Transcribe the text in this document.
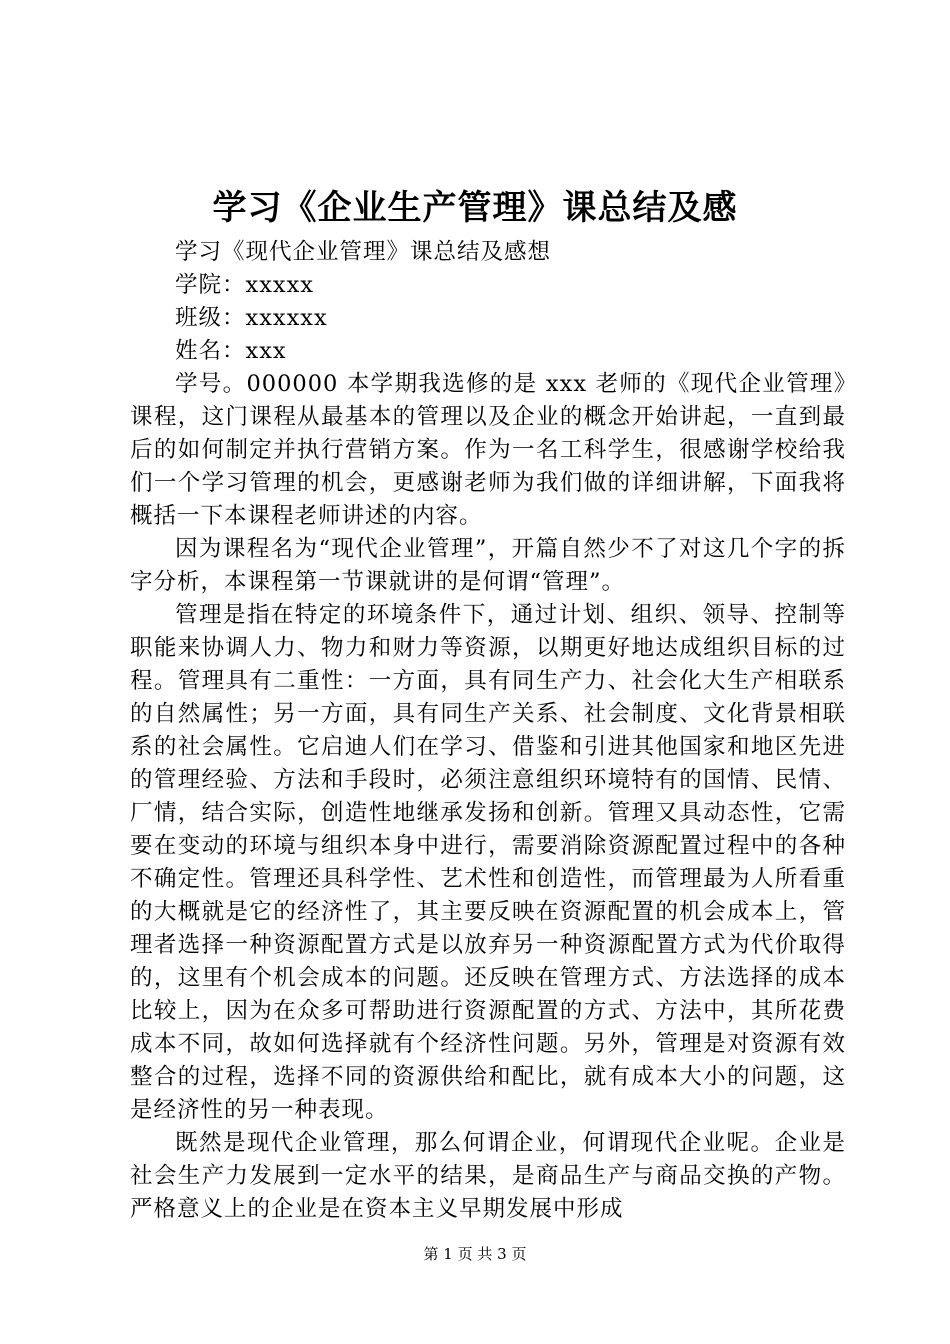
学习《企业生产管理》课总结及感

学习《现代企业管理》课总结及感想

学院：xxxxx

班级：xxxxxx

姓名：xxx

学号。000000 本学期我选修的是 xxx 老师的《现代企业管理》课程，这门课程从最基本的管理以及企业的概念开始讲起，一直到最后的如何制定并执行营销方案。作为一名工科学生，很感谢学校给我们一个学习管理的机会，更感谢老师为我们做的详细讲解，下面我将概括一下本课程老师讲述的内容。

因为课程名为“现代企业管理”，开篇自然少不了对这几个字的拆字分析，本课程第一节课就讲的是何谓“管理”。

管理是指在特定的环境条件下，通过计划、组织、领导、控制等职能来协调人力、物力和财力等资源，以期更好地达成组织目标的过程。管理具有二重性：一方面，具有同生产力、社会化大生产相联系的自然属性；另一方面，具有同生产关系、社会制度、文化背景相联系的社会属性。它启迪人们在学习、借鉴和引进其他国家和地区先进的管理经验、方法和手段时，必须注意组织环境特有的国情、民情、厂情，结合实际，创造性地继承发扬和创新。管理又具动态性，它需要在变动的环境与组织本身中进行，需要消除资源配置过程中的各种不确定性。管理还具科学性、艺术性和创造性，而管理最为人所看重的大概就是它的经济性了，其主要反映在资源配置的机会成本上，管理者选择一种资源配置方式是以放弃另一种资源配置方式为代价取得的，这里有个机会成本的问题。还反映在管理方式、方法选择的成本比较上，因为在众多可帮助进行资源配置的方式、方法中，其所花费成本不同，故如何选择就有个经济性问题。另外，管理是对资源有效整合的过程，选择不同的资源供给和配比，就有成本大小的问题，这是经济性的另一种表现。

既然是现代企业管理，那么何谓企业，何谓现代企业呢。企业是社会生产力发展到一定水平的结果，是商品生产与商品交换的产物。严格意义上的企业是在资本主义早期发展中形成

第 1 页 共 3 页
